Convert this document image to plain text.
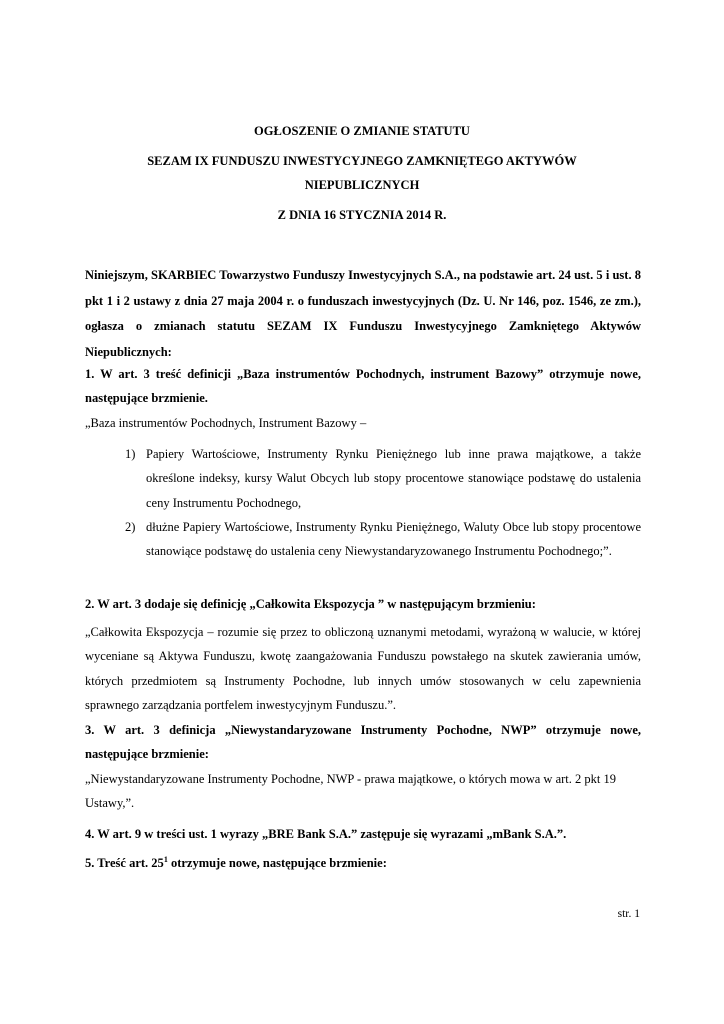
OGŁOSZENIE O ZMIANIE STATUTU
SEZAM IX FUNDUSZU INWESTYCYJNEGO ZAMKNIĘTEGO AKTYWÓW
NIEPUBLICZNYCH
Z DNIA 16 STYCZNIA 2014 R.

Niniejszym, SKARBIEC Towarzystwo Funduszy Inwestycyjnych S.A., na podstawie art. 24 ust. 5 i ust. 8 pkt 1 i 2 ustawy z dnia 27 maja 2004 r. o funduszach inwestycyjnych (Dz. U. Nr 146, poz. 1546, ze zm.), ogłasza o zmianach statutu SEZAM IX Funduszu Inwestycyjnego Zamkniętego Aktywów Niepublicznych:

1. W art. 3 treść definicji „Baza instrumentów Pochodnych, instrument Bazowy” otrzymuje nowe, następujące brzmienie.

„Baza instrumentów Pochodnych, Instrument Bazowy –

1) Papiery Wartościowe, Instrumenty Rynku Pieniężnego lub inne prawa majątkowe, a także określone indeksy, kursy Walut Obcych lub stopy procentowe stanowiące podstawę do ustalenia ceny Instrumentu Pochodnego,
2) dłużne Papiery Wartościowe, Instrumenty Rynku Pieniężnego, Waluty Obce lub stopy procentowe stanowiące podstawę do ustalenia ceny Niewystandaryzowanego Instrumentu Pochodnego;”.
2. W art. 3 dodaje się definicję „Całkowita Ekspozycja ” w następującym brzmieniu:

„Całkowita Ekspozycja – rozumie się przez to obliczoną uznanymi metodami, wyrażoną w walucie, w której wyceniane są Aktywa Funduszu, kwotę zaangażowania Funduszu powstałego na skutek zawierania umów, których przedmiotem są Instrumenty Pochodne, lub innych umów stosowanych w celu zapewnienia sprawnego zarządzania portfelem inwestycyjnym Funduszu.”.

3. W art. 3 definicja „Niewystandaryzowane Instrumenty Pochodne, NWP” otrzymuje nowe, następujące brzmienie:

„Niewystandaryzowane Instrumenty Pochodne, NWP - prawa majątkowe, o których mowa w art. 2 pkt 19 Ustawy,”.

4. W art. 9 w treści ust. 1 wyrazy „BRE Bank S.A.” zastępuje się wyrazami „mBank S.A.”.
5. Treść art. $25^1$ otrzymuje nowe, następujące brzmienie:
str. 1
